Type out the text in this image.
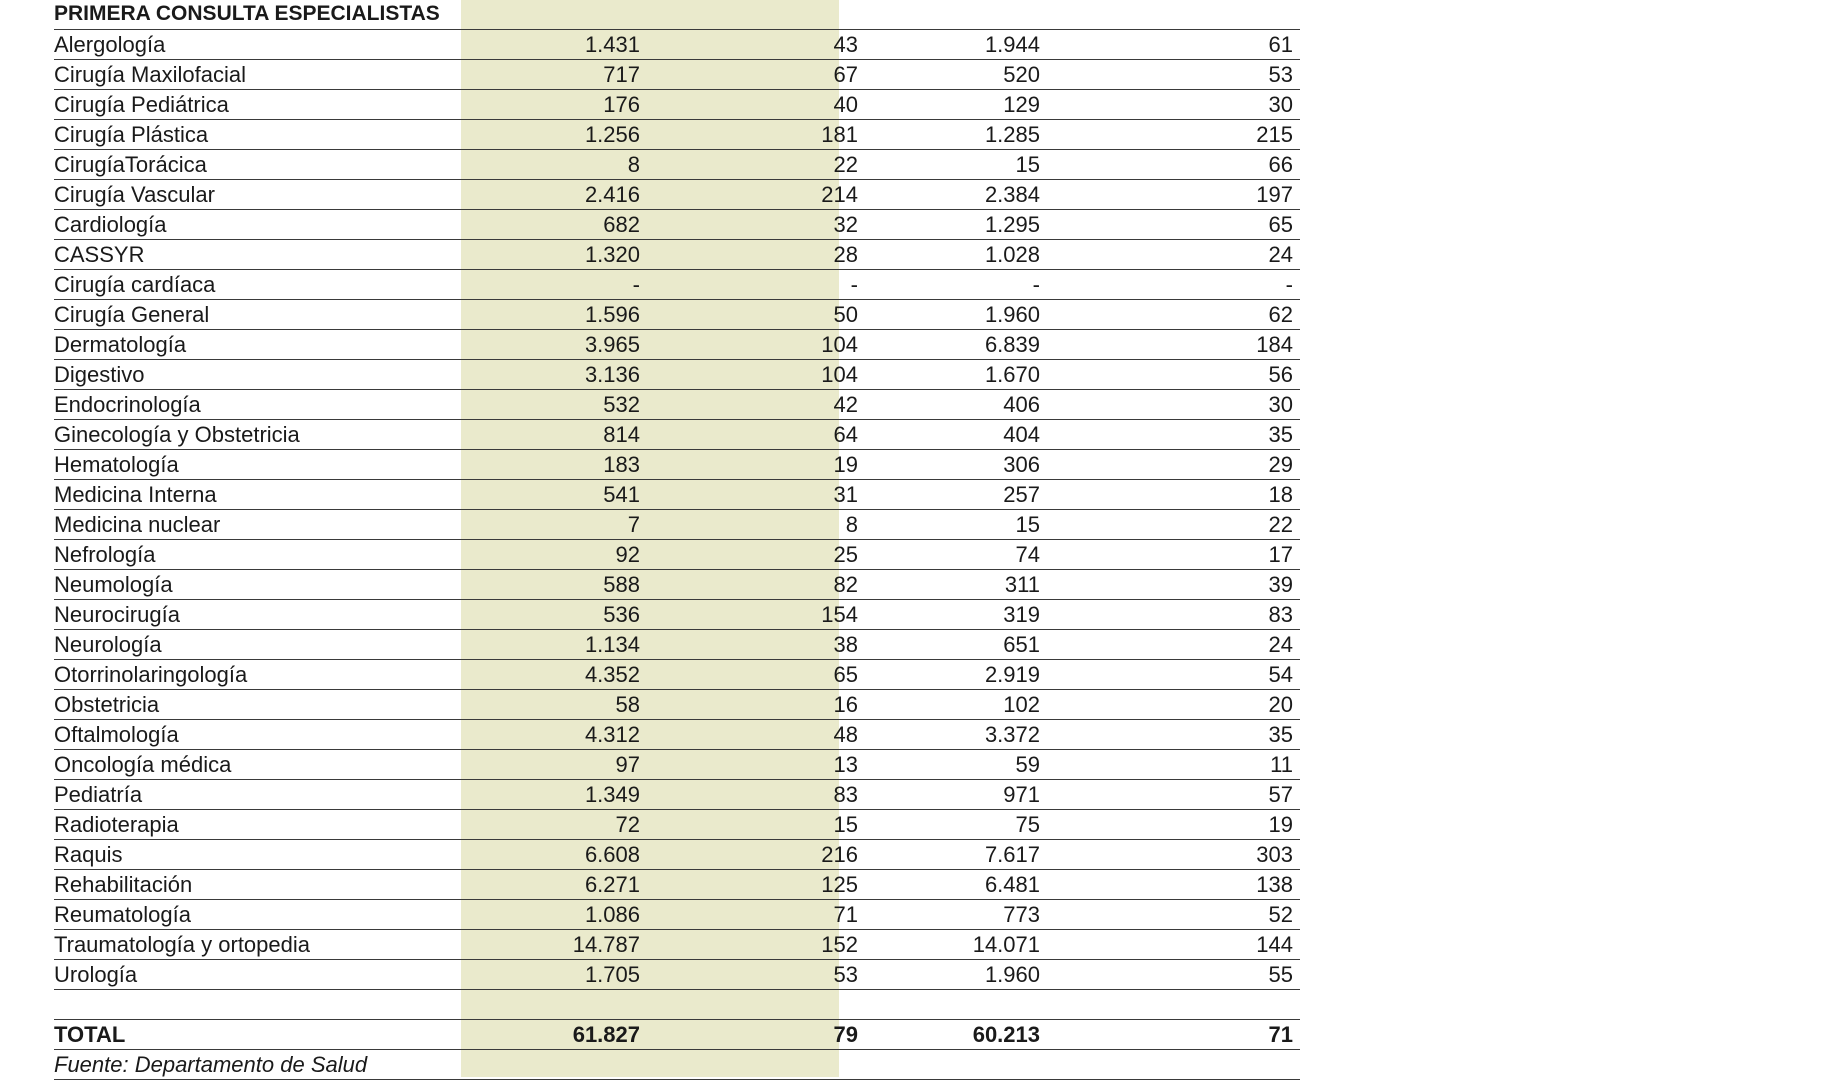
PRIMERA CONSULTA ESPECIALISTAS
Alergología	1.431	43	1.944	61
Cirugía Maxilofacial	717	67	520	53
Cirugía Pediátrica	176	40	129	30
Cirugía Plástica	1.256	181	1.285	215
CirugíaTorácica	8	22	15	66
Cirugía Vascular	2.416	214	2.384	197
Cardiología	682	32	1.295	65
CASSYR	1.320	28	1.028	24
Cirugía cardíaca	-	-	-	-
Cirugía General	1.596	50	1.960	62
Dermatología	3.965	104	6.839	184
Digestivo	3.136	104	1.670	56
Endocrinología	532	42	406	30
Ginecología y Obstetricia	814	64	404	35
Hematología	183	19	306	29
Medicina Interna	541	31	257	18
Medicina nuclear	7	8	15	22
Nefrología	92	25	74	17
Neumología	588	82	311	39
Neurocirugía	536	154	319	83
Neurología	1.134	38	651	24
Otorrinolaringología	4.352	65	2.919	54
Obstetricia	58	16	102	20
Oftalmología	4.312	48	3.372	35
Oncología médica	97	13	59	11
Pediatría	1.349	83	971	57
Radioterapia	72	15	75	19
Raquis	6.608	216	7.617	303
Rehabilitación	6.271	125	6.481	138
Reumatología	1.086	71	773	52
Traumatología y ortopedia	14.787	152	14.071	144
Urología	1.705	53	1.960	55
TOTAL	61.827	79	60.213	71
Fuente: Departamento de Salud
